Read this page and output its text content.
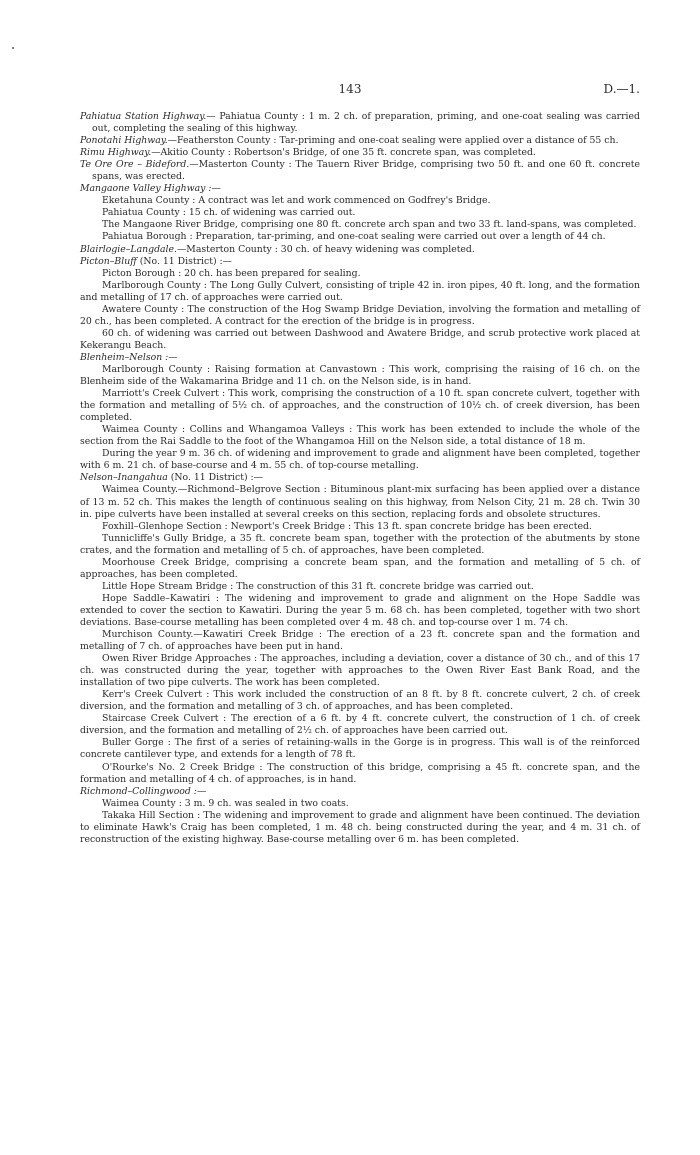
143	D.—1.

Pahiatua Station Highway.— Pahiatua County : 1 m. 2 ch. of preparation, priming, and one-coat sealing was carried out, completing the sealing of this highway.

Ponotahi Highway.—Featherston County : Tar-priming and one-coat sealing were applied over a distance of 55 ch.

Rimu Highway.—Akitio County : Robertson's Bridge, of one 35 ft. concrete span, was completed.

Te Ore Ore – Bideford.—Masterton County : The Tauern River Bridge, comprising two 50 ft. and one 60 ft. concrete spans, was erected.

Mangaone Valley Highway :—

Eketahuna County : A contract was let and work commenced on Godfrey's Bridge.

Pahiatua County : 15 ch. of widening was carried out.

The Mangaone River Bridge, comprising one 80 ft. concrete arch span and two 33 ft. land-spans, was completed.

Pahiatua Borough : Preparation, tar-priming, and one-coat sealing were carried out over a length of 44 ch.

Blairlogie–Langdale.—Masterton County : 30 ch. of heavy widening was completed.

Picton–Bluff (No. 11 District) :—

Picton Borough : 20 ch. has been prepared for sealing.

Marlborough County : The Long Gully Culvert, consisting of triple 42 in. iron pipes, 40 ft. long, and the formation and metalling of 17 ch. of approaches were carried out.

Awatere County : The construction of the Hog Swamp Bridge Deviation, involving the formation and metalling of 20 ch., has been completed. A contract for the erection of the bridge is in progress.

60 ch. of widening was carried out between Dashwood and Awatere Bridge, and scrub protective work placed at Kekerangu Beach.

Blenheim–Nelson :—

Marlborough County : Raising formation at Canvastown : This work, comprising the raising of 16 ch. on the Blenheim side of the Wakamarina Bridge and 11 ch. on the Nelson side, is in hand.

Marriott's Creek Culvert : This work, comprising the construction of a 10 ft. span concrete culvert, together with the formation and metalling of 5½ ch. of approaches, and the construction of 10½ ch. of creek diversion, has been completed.

Waimea County : Collins and Whangamoa Valleys : This work has been extended to include the whole of the section from the Rai Saddle to the foot of the Whangamoa Hill on the Nelson side, a total distance of 18 m.

During the year 9 m. 36 ch. of widening and improvement to grade and alignment have been completed, together with 6 m. 21 ch. of base-course and 4 m. 55 ch. of top-course metalling.

Nelson–Inangahua (No. 11 District) :—

Waimea County.—Richmond–Belgrove Section : Bituminous plant-mix surfacing has been applied over a distance of 13 m. 52 ch. This makes the length of continuous sealing on this highway, from Nelson City, 21 m. 28 ch. Twin 30 in. pipe culverts have been installed at several creeks on this section, replacing fords and obsolete structures.

Foxhill–Glenhope Section : Newport's Creek Bridge : This 13 ft. span concrete bridge has been erected.

Tunnicliffe's Gully Bridge, a 35 ft. concrete beam span, together with the protection of the abutments by stone crates, and the formation and metalling of 5 ch. of approaches, have been completed.

Moorhouse Creek Bridge, comprising a concrete beam span, and the formation and metalling of 5 ch. of approaches, has been completed.

Little Hope Stream Bridge : The construction of this 31 ft. concrete bridge was carried out.

Hope Saddle–Kawatiri : The widening and improvement to grade and alignment on the Hope Saddle was extended to cover the section to Kawatiri. During the year 5 m. 68 ch. has been completed, together with two short deviations. Base-course metalling has been completed over 4 m. 48 ch. and top-course over 1 m. 74 ch.

Murchison County.—Kawatiri Creek Bridge : The erection of a 23 ft. concrete span and the formation and metalling of 7 ch. of approaches have been put in hand.

Owen River Bridge Approaches : The approaches, including a deviation, cover a distance of 30 ch., and of this 17 ch. was constructed during the year, together with approaches to the Owen River East Bank Road, and the installation of two pipe culverts. The work has been completed.

Kerr's Creek Culvert : This work included the construction of an 8 ft. by 8 ft. concrete culvert, 2 ch. of creek diversion, and the formation and metalling of 3 ch. of approaches, and has been completed.

Staircase Creek Culvert : The erection of a 6 ft. by 4 ft. concrete culvert, the construction of 1 ch. of creek diversion, and the formation and metalling of 2½ ch. of approaches have been carried out.

Buller Gorge : The first of a series of retaining-walls in the Gorge is in progress. This wall is of the reinforced concrete cantilever type, and extends for a length of 78 ft.

O'Rourke's No. 2 Creek Bridge : The construction of this bridge, comprising a 45 ft. concrete span, and the formation and metalling of 4 ch. of approaches, is in hand.

Richmond–Collingwood :—

Waimea County : 3 m. 9 ch. was sealed in two coats.

Takaka Hill Section : The widening and improvement to grade and alignment have been continued. The deviation to eliminate Hawk's Craig has been completed, 1 m. 48 ch. being constructed during the year, and 4 m. 31 ch. of reconstruction of the existing highway. Base-course metalling over 6 m. has been completed.
